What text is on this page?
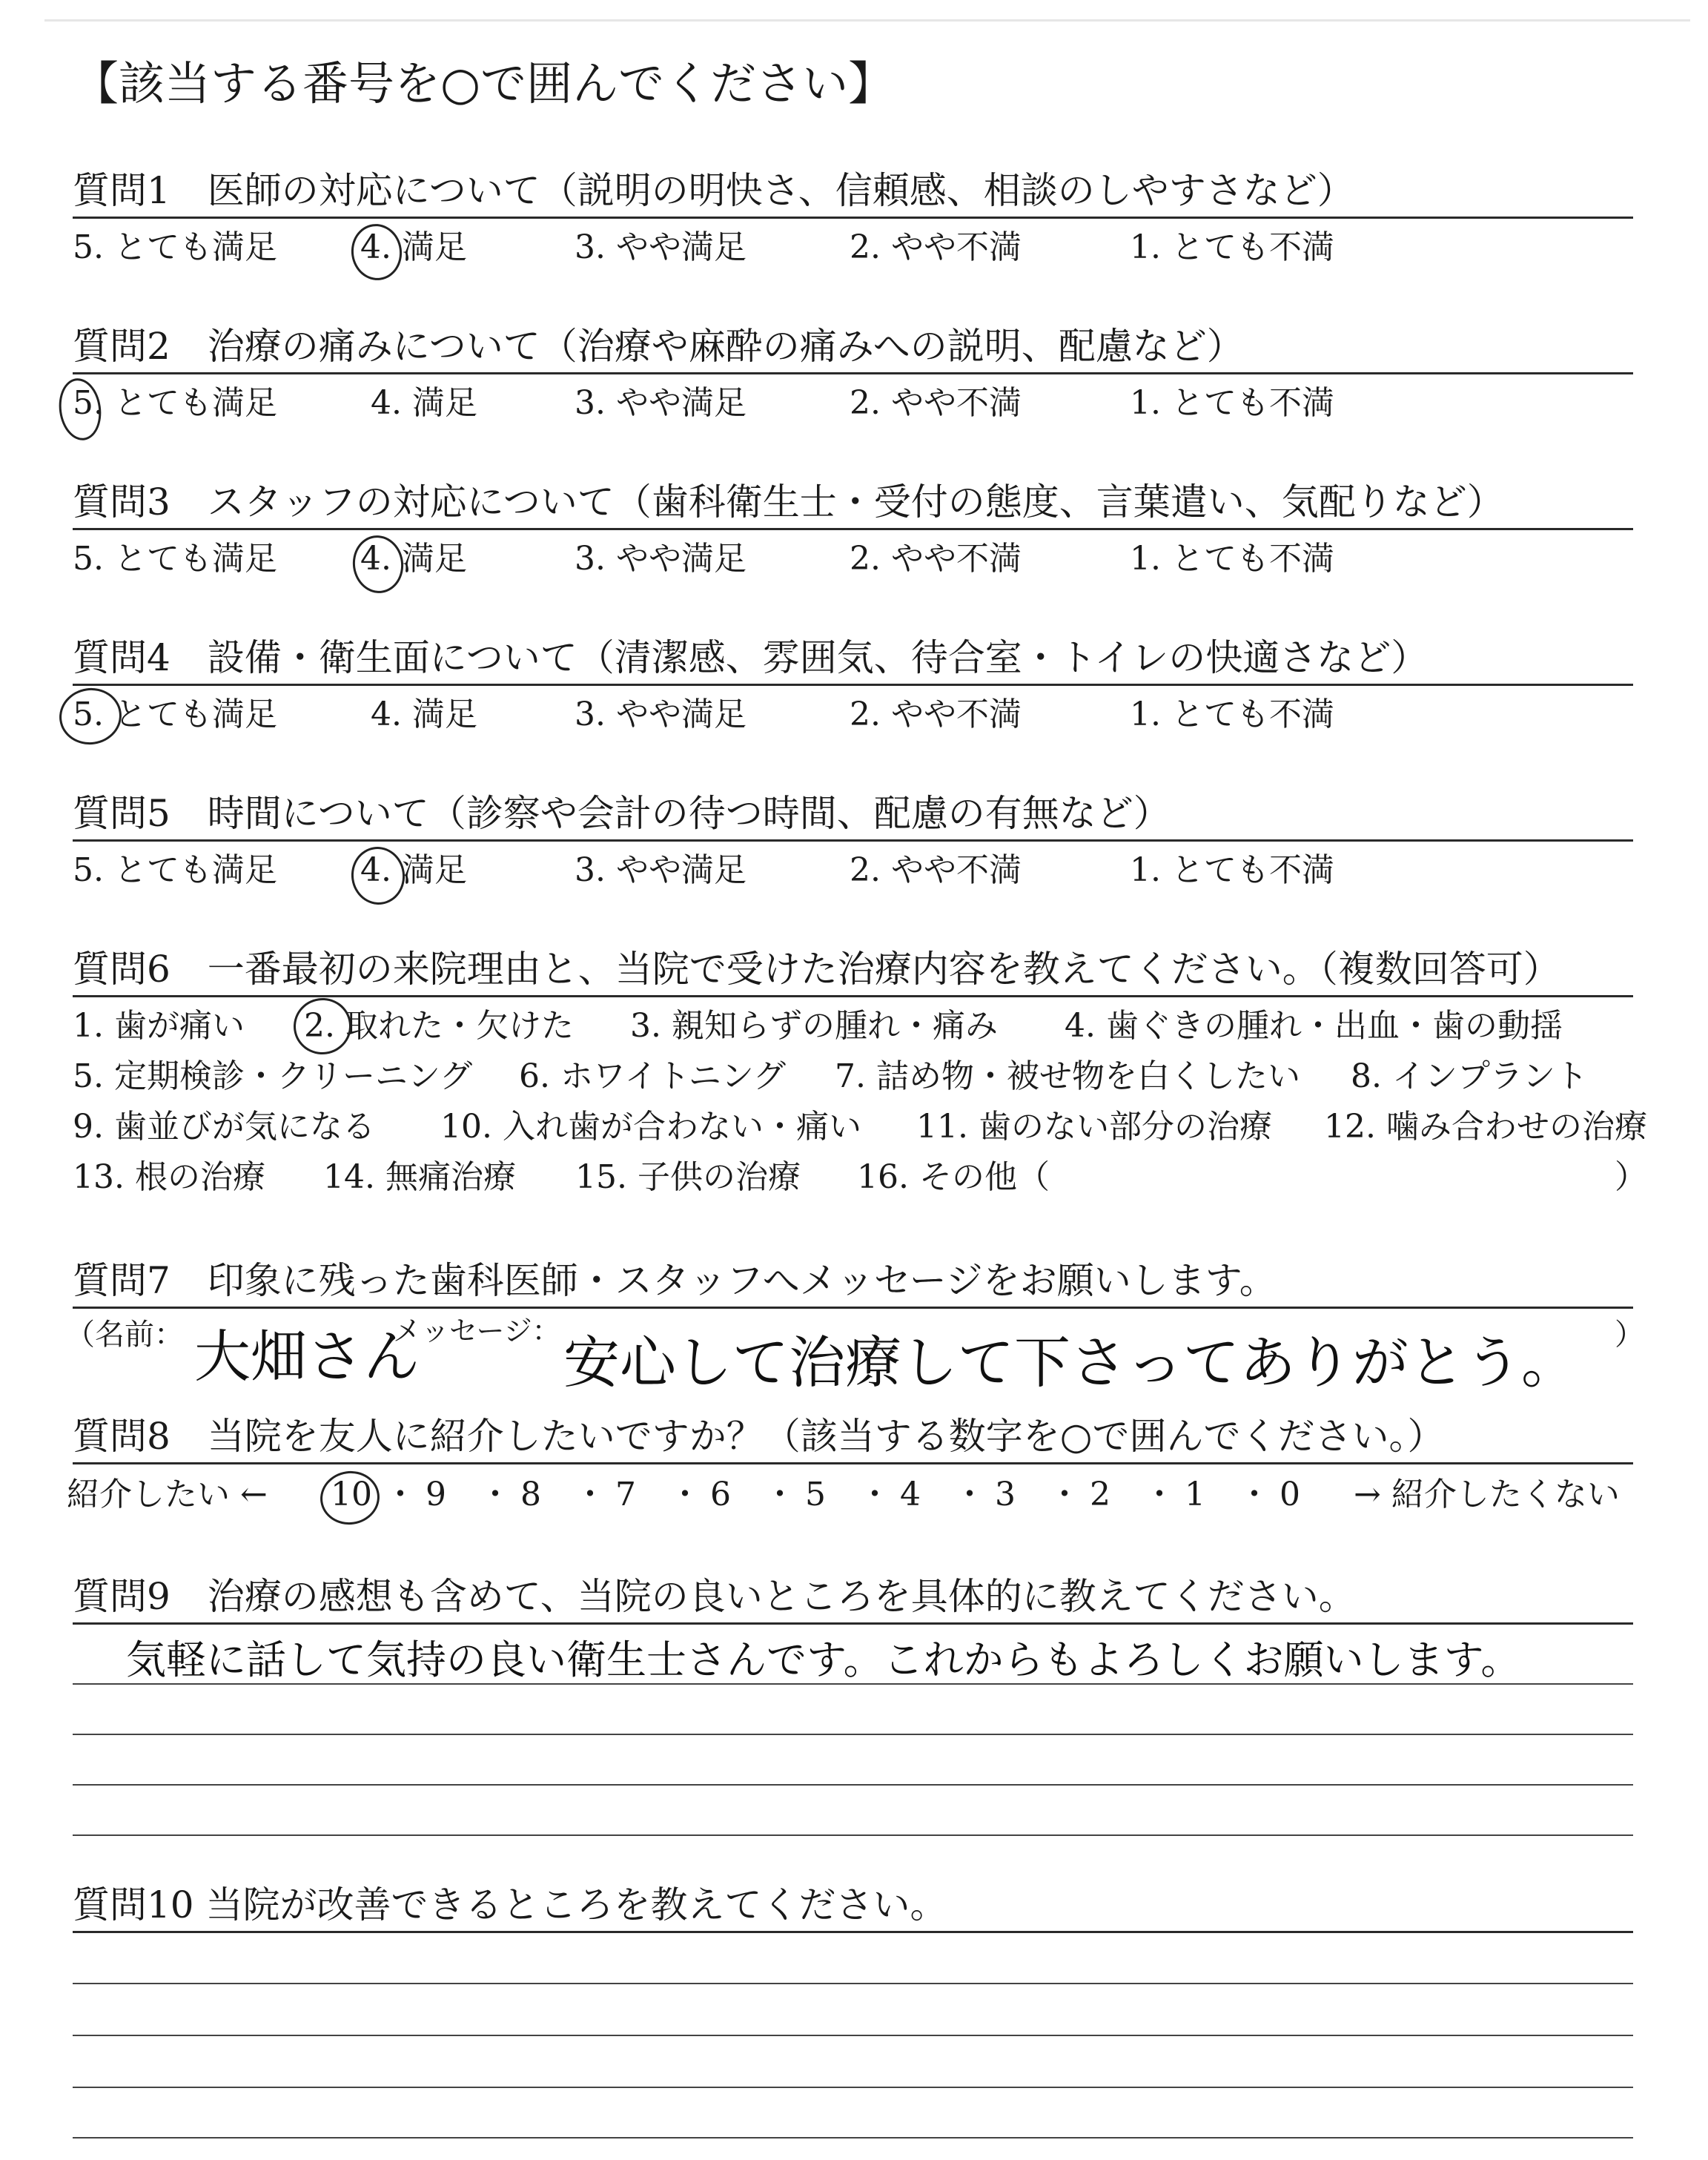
【該当する番号を○で囲んでください】
質問1　医師の対応について（説明の明快さ、信頼感、相談のしやすさなど）
5. とても満足	4. 満足	3. やや満足	2. やや不満	1. とても不満
質問2　治療の痛みについて（治療や麻酔の痛みへの説明、配慮など）
5. とても満足	4. 満足	3. やや満足	2. やや不満	1. とても不満
質問3　スタッフの対応について（歯科衛生士・受付の態度、言葉遣い、気配りなど）
5. とても満足	4. 満足	3. やや満足	2. やや不満	1. とても不満
質問4　設備・衛生面について（清潔感、雰囲気、待合室・トイレの快適さなど）
5. とても満足	4. 満足	3. やや満足	2. やや不満	1. とても不満
質問5　時間について（診察や会計の待つ時間、配慮の有無など）
5. とても満足	4. 満足	3. やや満足	2. やや不満	1. とても不満
質問6　一番最初の来院理由と、当院で受けた治療内容を教えてください。（複数回答可）
1. 歯が痛い 2. 取れた・欠けた 3. 親知らずの腫れ・痛み 4. 歯ぐきの腫れ・出血・歯の動揺
5. 定期検診・クリーニング 6. ホワイトニング 7. 詰め物・被せ物を白くしたい 8. インプラント
9. 歯並びが気になる 10. 入れ歯が合わない・痛い 11. 歯のない部分の治療 12. 噛み合わせの治療
13. 根の治療 14. 無痛治療 15. 子供の治療 16. その他（	）
質問7　印象に残った歯科医師・スタッフへメッセージをお願いします。
（名前：	メッセージ：	）
大畑さん	安心して治療して下さってありがとう。
質問8　当院を友人に紹介したいですか？（該当する数字を○で囲んでください。）
紹介したい ←	→ 紹介したくない
10 ・ 9 ・ 8 ・ 7 ・ 6 ・ 5 ・ 4 ・ 3 ・ 2 ・ 1 ・ 0
質問9　治療の感想も含めて、当院の良いところを具体的に教えてください。
気軽に話して気持の良い衛生士さんです。これからもよろしくお願いします。
質問10 当院が改善できるところを教えてください。
